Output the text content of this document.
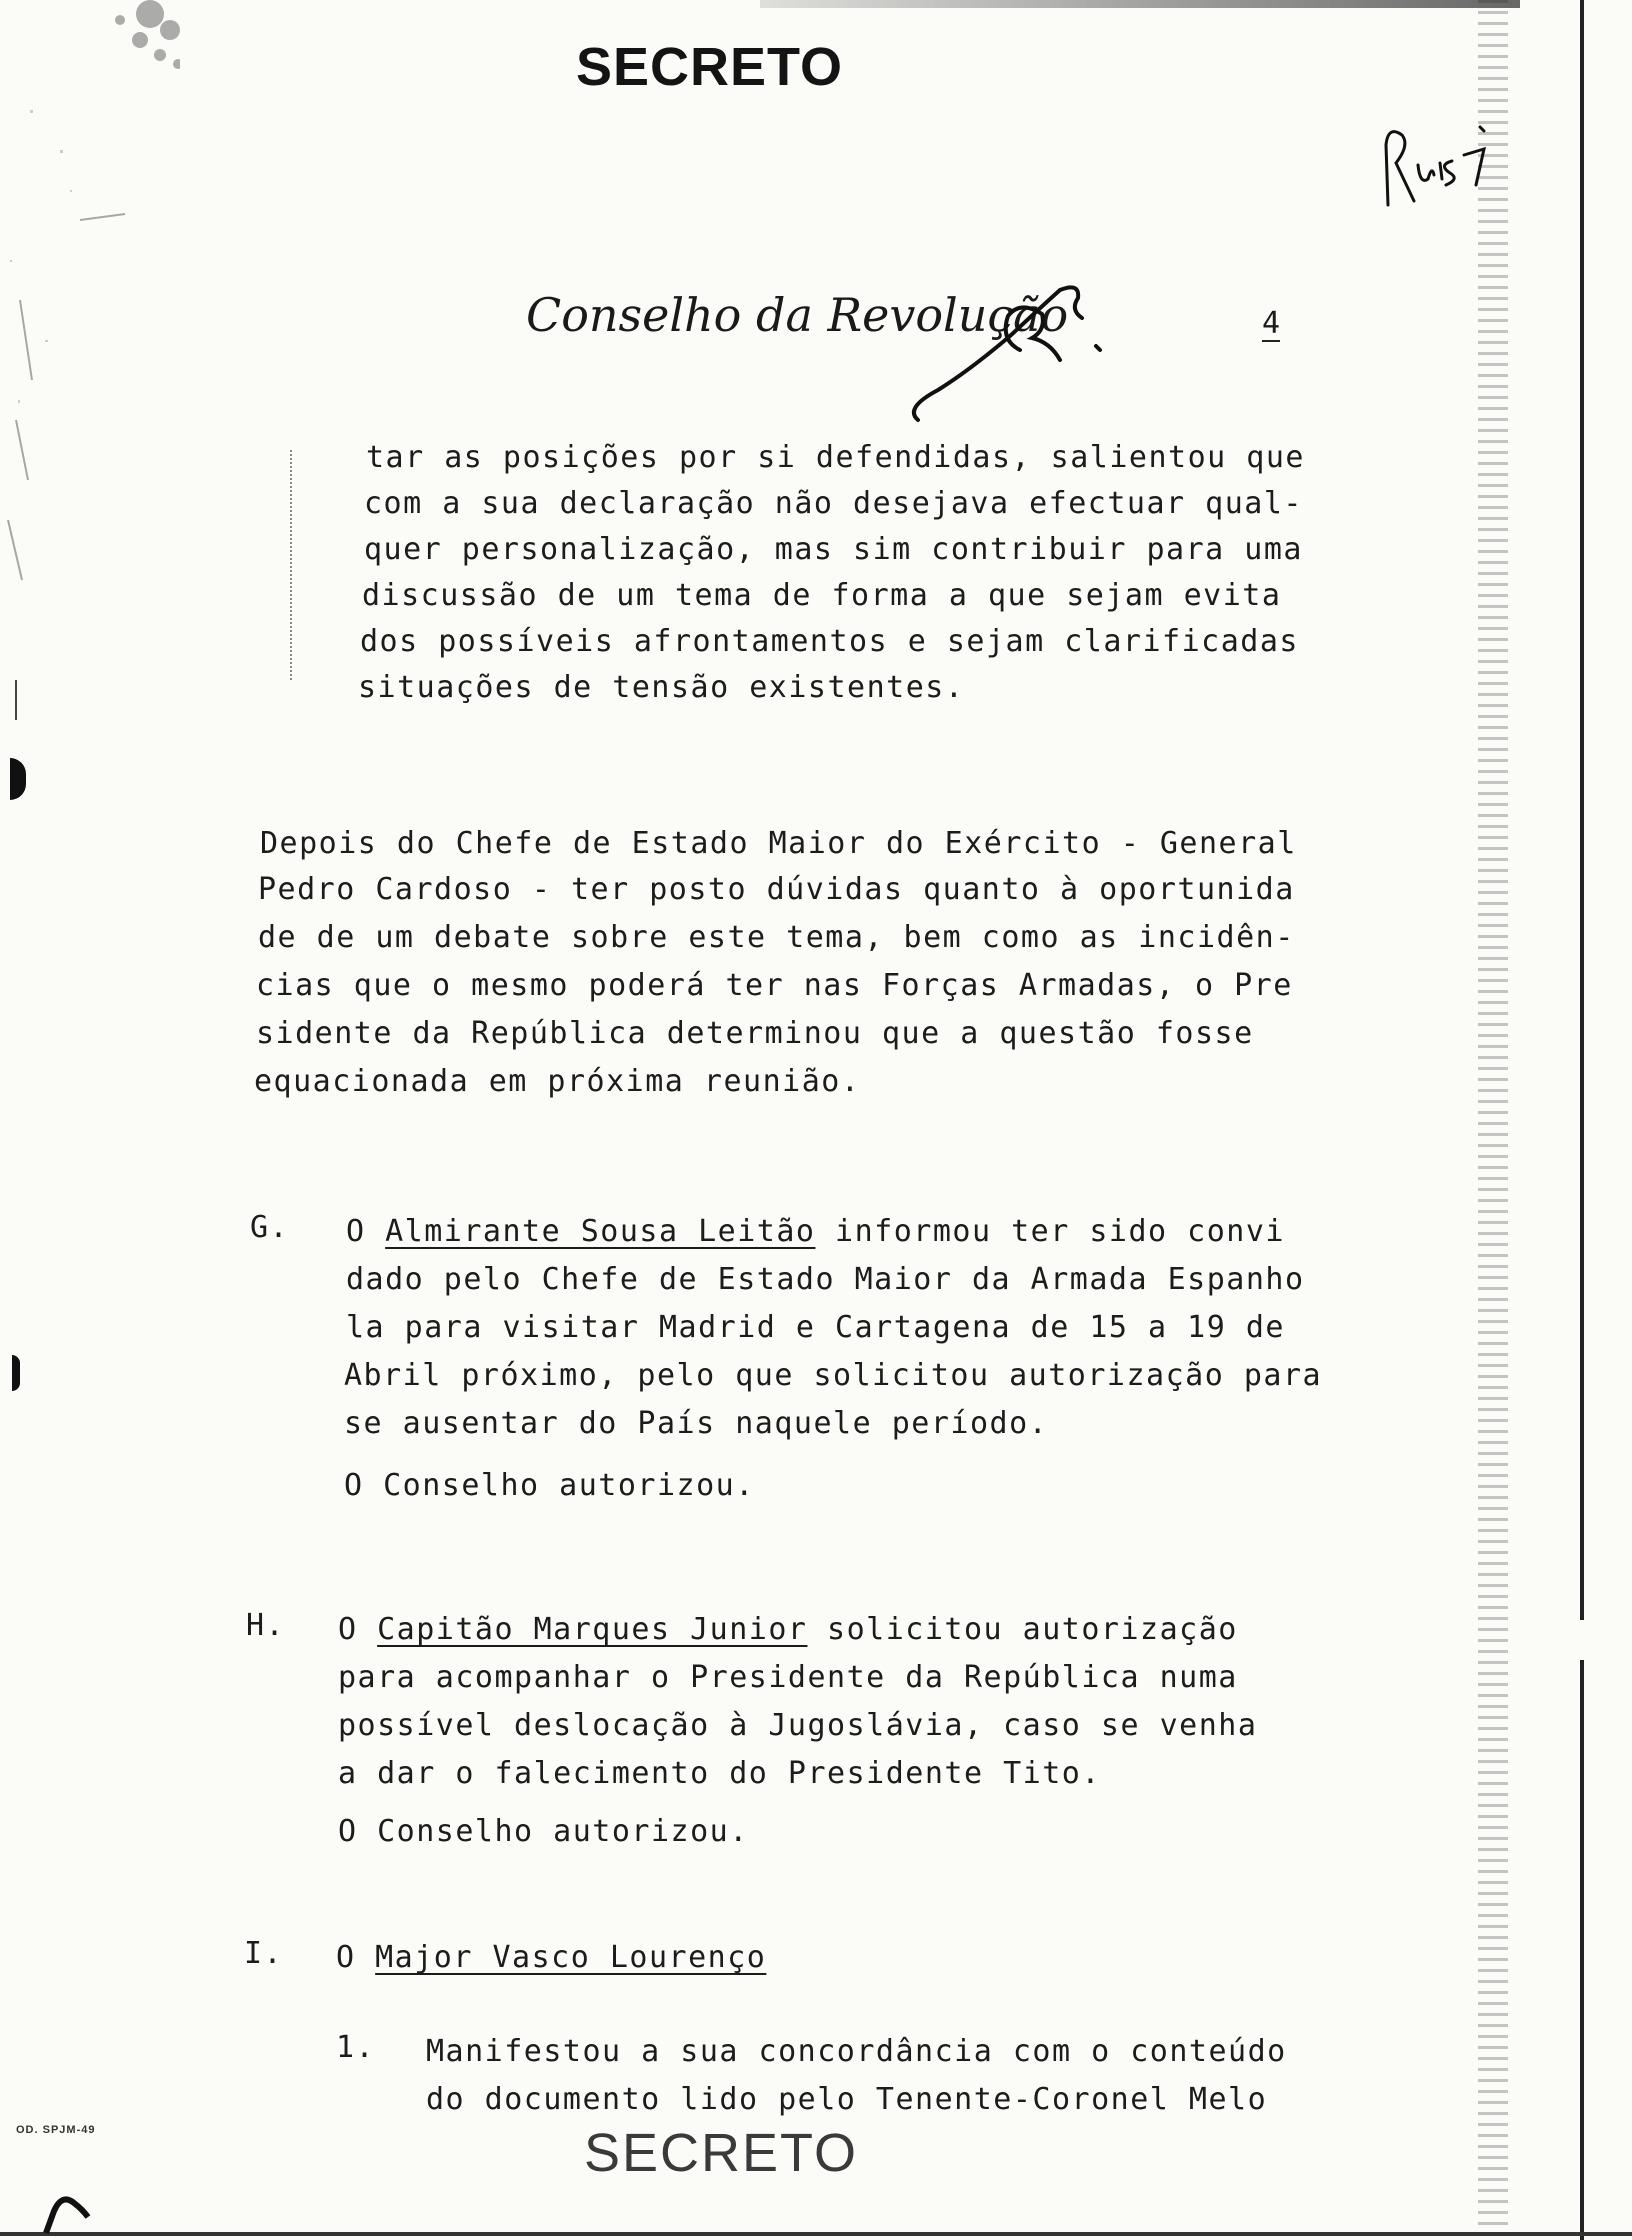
SECRETO
Conselho da Revolução	4
tar as posições por si defendidas, salientou que
com a sua declaração não desejava efectuar qual-
quer personalização, mas sim contribuir para uma
discussão de um tema de forma a que sejam evita
dos possíveis afrontamentos e sejam clarificadas
situações de tensão existentes.
Depois do Chefe de Estado Maior do Exército - General
Pedro Cardoso - ter posto dúvidas quanto à oportunida
de de um debate sobre este tema, bem como as incidên-
cias que o mesmo poderá ter nas Forças Armadas, o Pre
sidente da República determinou que a questão fosse
equacionada em próxima reunião.
G. O Almirante Sousa Leitão informou ter sido convi
dado pelo Chefe de Estado Maior da Armada Espanho
la para visitar Madrid e Cartagena de 15 a 19 de
Abril próximo, pelo que solicitou autorização para
se ausentar do País naquele período.
O Conselho autorizou.
H. O Capitão Marques Junior solicitou autorização
para acompanhar o Presidente da República numa
possível deslocação à Jugoslávia, caso se venha
a dar o falecimento do Presidente Tito.
O Conselho autorizou.
I. O Major Vasco Lourenço
1. Manifestou a sua concordância com o conteúdo
do documento lido pelo Tenente-Coronel Melo
OD. SPJM-49	SECRETO
